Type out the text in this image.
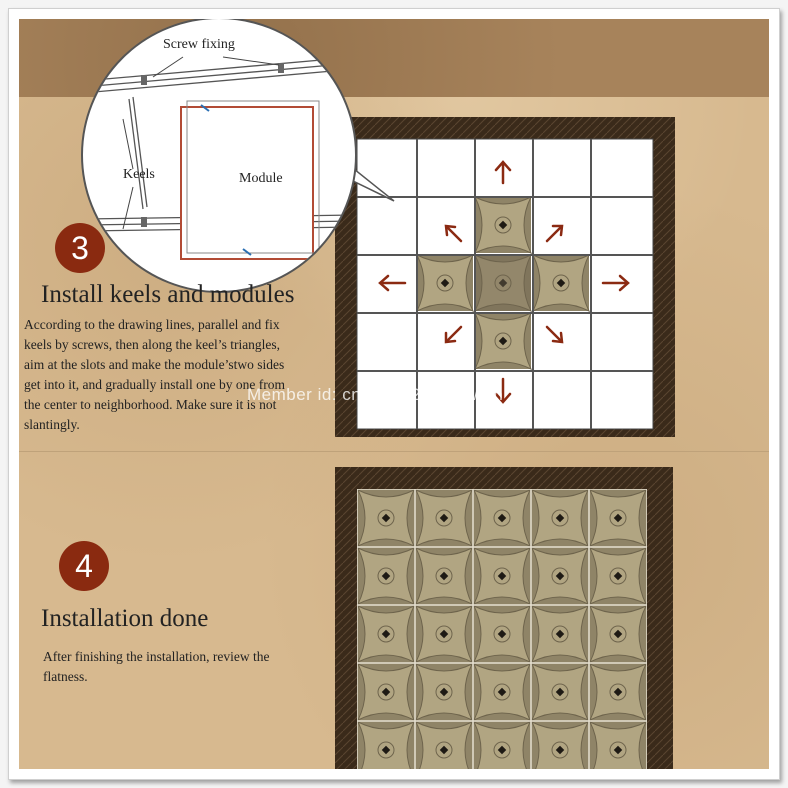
Screw fixing
Keels	Module
3
Install keels and modules
According to the drawing lines, parallel and fix
keels by screws, then along the keel’s triangles,
aim at the slots and make the module’stwo sides
get into it, and gradually install one by one from
the center to neighborhood. Make sure it is not
slantingly.
Member id: cn1519221419awnn
4
Installation done
After finishing the installation, review the
flatness.
